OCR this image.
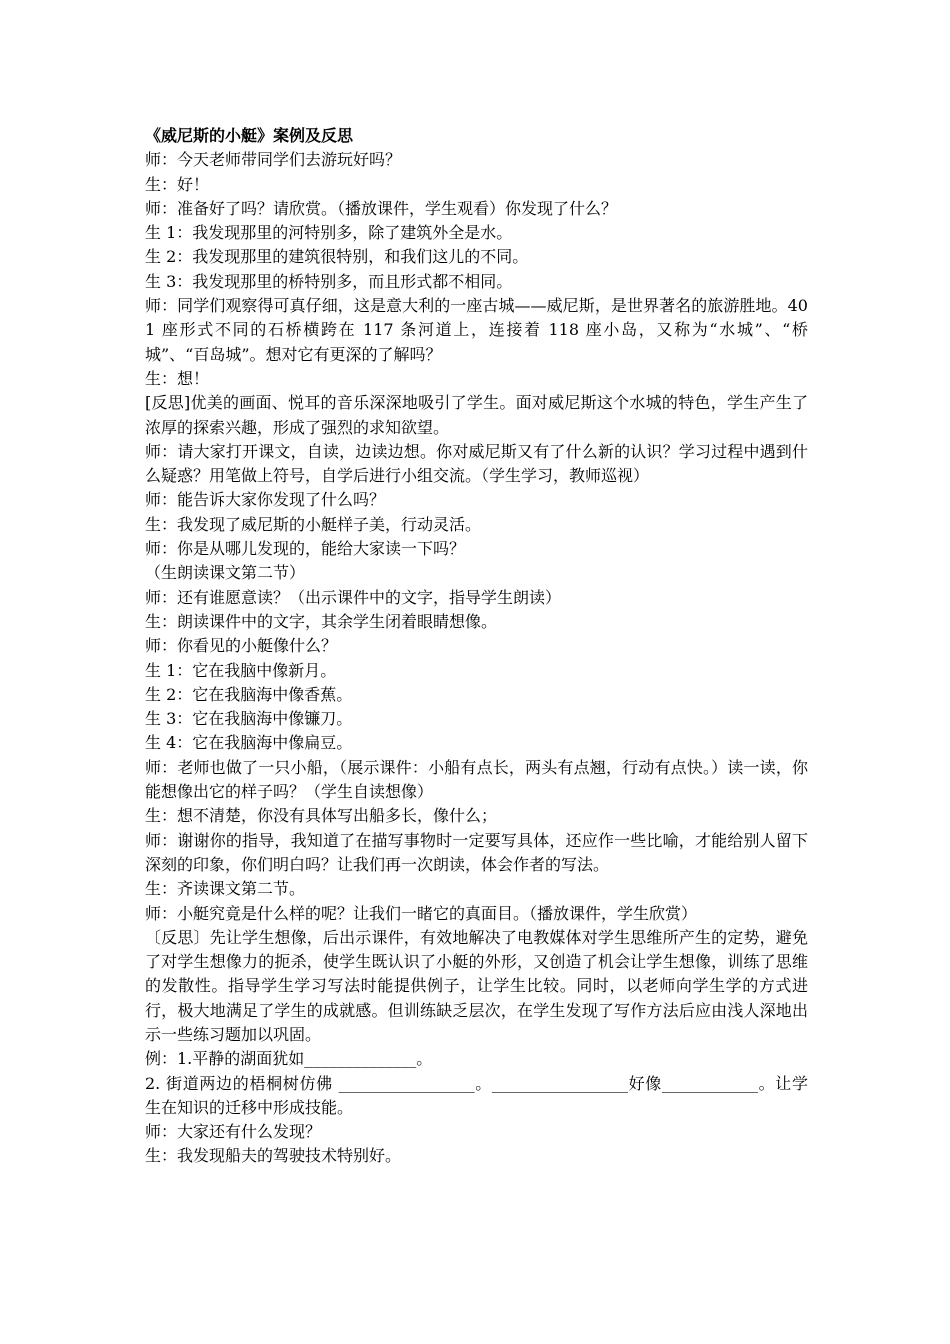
《威尼斯的小艇》案例及反思

师：今天老师带同学们去游玩好吗？

生：好！

师：准备好了吗？请欣赏。（播放课件，学生观看）你发现了什么？

生 1：我发现那里的河特别多，除了建筑外全是水。

生 2：我发现那里的建筑很特别，和我们这儿的不同。

生 3：我发现那里的桥特别多，而且形式都不相同。

师：同学们观察得可真仔细，这是意大利的一座古城——威尼斯，是世界著名的旅游胜地。401 座形式不同的石桥横跨在 117 条河道上，连接着 118 座小岛，又称为“水城”、“桥城”、“百岛城”。想对它有更深的了解吗？

生：想！

[反思]优美的画面、悦耳的音乐深深地吸引了学生。面对威尼斯这个水城的特色，学生产生了浓厚的探索兴趣，形成了强烈的求知欲望。

师：请大家打开课文，自读，边读边想。你对威尼斯又有了什么新的认识？学习过程中遇到什么疑惑？用笔做上符号，自学后进行小组交流。（学生学习，教师巡视）

师：能告诉大家你发现了什么吗？

生：我发现了威尼斯的小艇样子美，行动灵活。

师：你是从哪儿发现的，能给大家读一下吗？

（生朗读课文第二节）

师：还有谁愿意读？（出示课件中的文字，指导学生朗读）

生：朗读课件中的文字，其余学生闭着眼睛想像。

师：你看见的小艇像什么？

生 1：它在我脑中像新月。

生 2：它在我脑海中像香蕉。

生 3：它在我脑海中像镰刀。

生 4：它在我脑海中像扁豆。

师：老师也做了一只小船，（展示课件：小船有点长，两头有点翘，行动有点快。）读一读，你能想像出它的样子吗？（学生自读想像）

生：想不清楚，你没有具体写出船多长，像什么；

师：谢谢你的指导，我知道了在描写事物时一定要写具体，还应作一些比喻，才能给别人留下深刻的印象，你们明白吗？让我们再一次朗读，体会作者的写法。

生：齐读课文第二节。

师：小艇究竟是什么样的呢？让我们一睹它的真面目。（播放课件，学生欣赏）

〔反思〕先让学生想像，后出示课件，有效地解决了电教媒体对学生思维所产生的定势，避免了对学生想像力的扼杀，使学生既认识了小艇的外形，又创造了机会让学生想像，训练了思维的发散性。指导学生学习写法时能提供例子，让学生比较。同时，以老师向学生学的方式进行，极大地满足了学生的成就感。但训练缺乏层次，在学生发现了写作方法后应由浅人深地出示一些练习题加以巩固。

例：1.平静的湖面犹如______________。

2. 街道两边的梧桐树仿佛 _________________。_________________好像____________。让学生在知识的迁移中形成技能。

师：大家还有什么发现？

生：我发现船夫的驾驶技术特别好。
